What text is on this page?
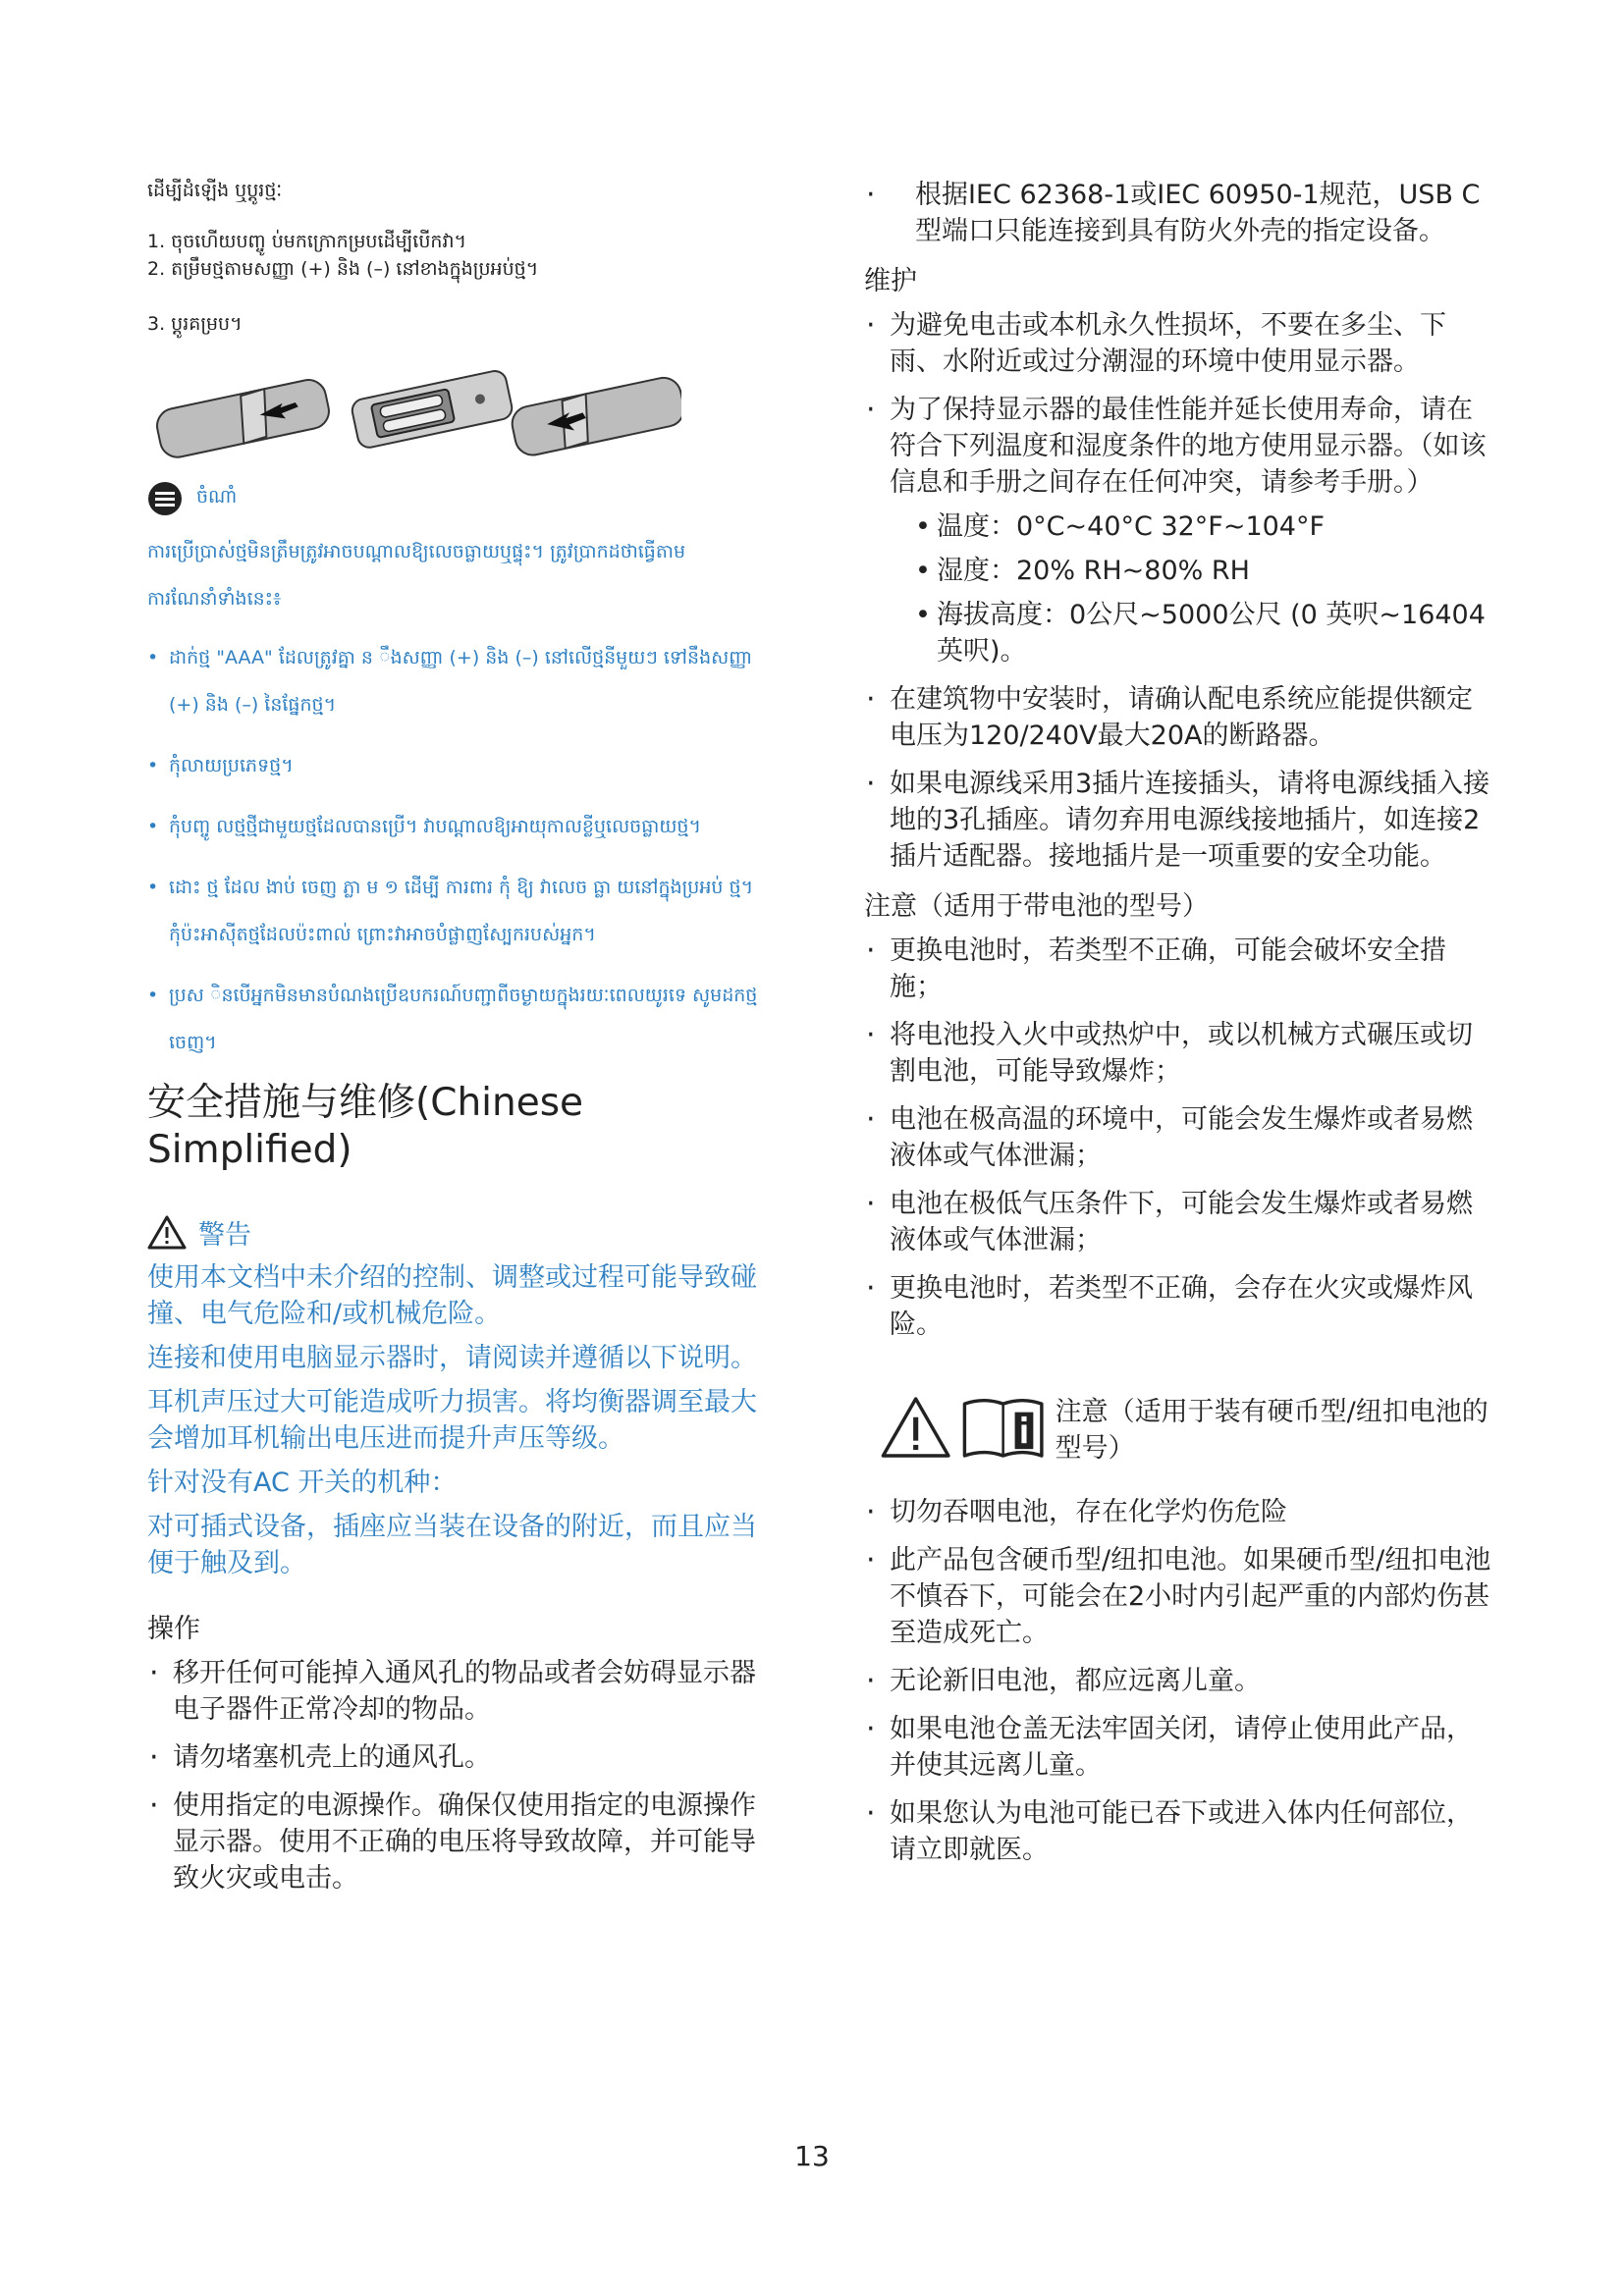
ដើម្បីដំឡើង ឬប្តូរថ្មៈ

1. ចុចហើយបញ្ចូ ប់មកក្រោកម្របដើម្បីបើកវា។

2. តម្រឹមថ្មតាមសញ្ញា (+) និង (–) នៅខាងក្នុងប្រអប់ថ្ម។

3. ប្តូរគម្រប។

ចំណាំ

ការប្រើប្រាស់ថ្មមិនត្រឹមត្រូវអាចបណ្តាលឱ្យលេចធ្លាយឬផ្ទុះ។ ត្រូវប្រាកដថាធ្វើតាម

ការណែនាំទាំងនេះ៖

• ដាក់ថ្ម "AAA" ដែលត្រូវគ្នា ន ឹងសញ្ញា (+) និង (–) នៅលើថ្មនីមួយៗ ទៅនឹងសញ្ញា (+) និង (–) នៃផ្នែកថ្ម។
• កុំលាយប្រភេទថ្ម។
• កុំបញ្ចូ លថ្មថ្មីជាមួយថ្មដែលបានប្រើ។ វាបណ្តាលឱ្យអាយុកាលខ្លីឬលេចធ្លាយថ្ម។
• ដោះ ថ្ម ដែល ងាប់ ចេញ ភ្លា ម ១ ដើម្បី ការពារ កុំ ឱ្យ វាលេច ធ្លា យនៅក្នុងប្រអប់ ថ្ម។ កុំប៉ះអាស៊ីតថ្មដែលប៉ះពាល់ ព្រោះវាអាចបំផ្លាញស្បែករបស់អ្នក។
• ប្រស ិនបើអ្នកមិនមានបំណងប្រើឧបករណ៍បញ្ជាពីចម្ងាយក្នុងរយៈពេលយូរទេ សូមដកថ្មចេញ។
安全措施与维修(Chinese Simplified)
警告

使用本文档中未介绍的控制、调整或过程可能导致碰撞、电气危险和/或机械危险。

连接和使用电脑显示器时，请阅读并遵循以下说明。

耳机声压过大可能造成听力损害。将均衡器调至最大会增加耳机输出电压进而提升声压等级。

针对没有AC 开关的机种：

对可插式设备，插座应当装在设备的附近，而且应当便于触及到。

操作
· 移开任何可能掉入通风孔的物品或者会妨碍显示器电子器件正常冷却的物品。
· 请勿堵塞机壳上的通风孔。
· 使用指定的电源操作。确保仅使用指定的电源操作显示器。使用不正确的电压将导致故障，并可能导致火灾或电击。
· 根据IEC 62368-1或IEC 60950-1规范，USB C型端口只能连接到具有防火外壳的指定设备。
维护
· 为避免电击或本机永久性损坏，不要在多尘、下雨、水附近或过分潮湿的环境中使用显示器。
· 为了保持显示器的最佳性能并延长使用寿命，请在符合下列温度和湿度条件的地方使用显示器。（如该信息和手册之间存在任何冲突，请参考手册。）
• 温度：0°C~40°C 32°F~104°F
• 湿度：20% RH~80% RH
• 海拔高度：0公尺~5000公尺 (0 英呎~16404 英呎)。
· 在建筑物中安装时，请确认配电系统应能提供额定电压为120/240V最大20A的断路器。
· 如果电源线采用3插片连接插头，请将电源线插入接地的3孔插座。请勿弃用电源线接地插片，如连接2插片适配器。接地插片是一项重要的安全功能。
注意（适用于带电池的型号）
· 更换电池时，若类型不正确，可能会破坏安全措施；
· 将电池投入火中或热炉中，或以机械方式碾压或切割电池，可能导致爆炸；
· 电池在极高温的环境中，可能会发生爆炸或者易燃液体或气体泄漏；
· 电池在极低气压条件下，可能会发生爆炸或者易燃液体或气体泄漏；
· 更换电池时，若类型不正确，会存在火灾或爆炸风险。
注意（适用于装有硬币型/纽扣电池的型号）
· 切勿吞咽电池，存在化学灼伤危险
· 此产品包含硬币型/纽扣电池。如果硬币型/纽扣电池不慎吞下，可能会在2小时内引起严重的内部灼伤甚至造成死亡。
· 无论新旧电池，都应远离儿童。
· 如果电池仓盖无法牢固关闭，请停止使用此产品，并使其远离儿童。
· 如果您认为电池可能已吞下或进入体内任何部位，请立即就医。
13
